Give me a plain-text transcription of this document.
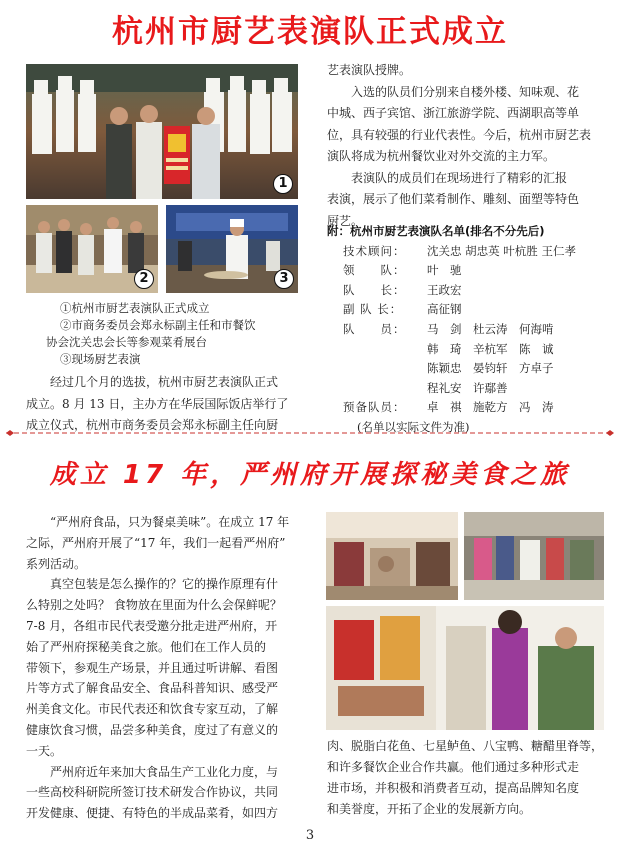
杭州市厨艺表演队正式成立
1
2	3
①杭州市厨艺表演队正式成立
②市商务委员会郑永标副主任和市餐饮
协会沈关忠会长等参观菜肴展台
③现场厨艺表演
经过几个月的选拔，杭州市厨艺表演队正式
成立。8 月 13 日，主办方在华辰国际饭店举行了
成立仪式，杭州市商务委员会郑永标副主任向厨
艺表演队授牌。
入选的队员们分别来自楼外楼、知味观、花
中城、西子宾馆、浙江旅游学院、西湖职高等单
位，具有较强的行业代表性。今后，杭州市厨艺表
演队将成为杭州餐饮业对外交流的主力军。
表演队的成员们在现场进行了精彩的汇报
表演，展示了他们菜肴制作、雕刻、面塑等特色
厨艺。
附：杭州市厨艺表演队名单(排名不分先后)
技术顾问：	沈关忠 胡忠英 叶杭胜 王仁孝
领　　队：	叶　驰
队　　长：	王政宏
副 队 长：	高征钢
队　　员：	马　剑　杜云涛　何海啃
韩　琦　辛杭军　陈　诚
陈颖忠　晏钧轩　方卓子
程礼安　许鄢善
预备队员：	卓　祺　施乾方　冯　涛
(名单以实际文件为准)
成立 17 年，严州府开展探秘美食之旅
“严州府食品，只为餐桌美味”。在成立 17 年
之际，严州府开展了“17 年，我们一起看严州府”
系列活动。
真空包装是怎么操作的？它的操作原理有什
么特别之处吗？ 食物放在里面为什么会保鲜呢？
7-8 月，各组市民代表受邀分批走进严州府，开
始了严州府探秘美食之旅。他们在工作人员的
带领下，参观生产场景，并且通过听讲解、看图
片等方式了解食品安全、食品科普知识、感受严
州美食文化。市民代表还和饮食专家互动，了解
健康饮食习惯，品尝多种美食，度过了有意义的
一天。
严州府近年来加大食品生产工业化力度，与
一些高校科研院所签订技术研发合作协议，共同
开发健康、便捷、有特色的半成品菜肴，如四方
肉、脱脂白花鱼、七星鲈鱼、八宝鸭、糖醋里脊等，
和许多餐饮企业合作共赢。他们通过多种形式走
进市场，并积极和消费者互动，提高品牌知名度
和美誉度，开拓了企业的发展新方向。
3
